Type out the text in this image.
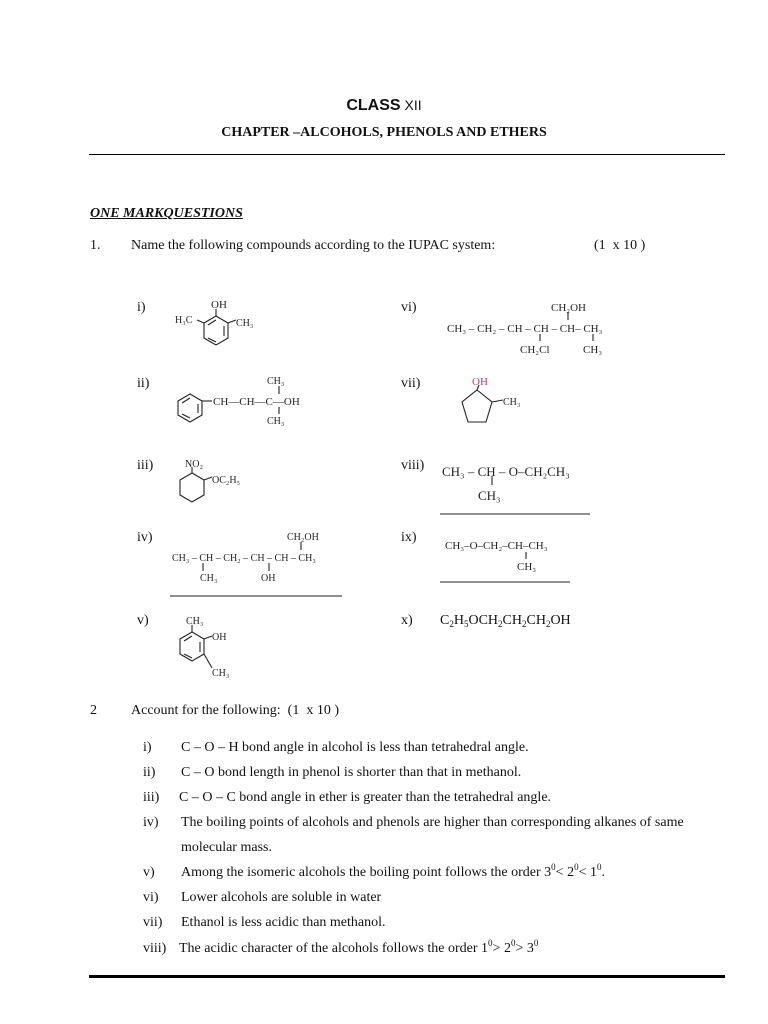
CLASS XII
CHAPTER –ALCOHOLS, PHENOLS AND ETHERS
ONE MARKQUESTIONS
1. Name the following compounds according to the IUPAC system:	(1  x 10 )
i)
ii)
iii)
iv)
v)
vi)
vii)
viii)
ix)
x)
OH
H₃C	CH₃
CH₃
CH—CH—C—OH
CH₃
NO₂
OC₂H₅
CH₂OH
CH₃ – CH – CH₂ – CH – CH – CH₃
CH₃	OH
CH₃
OH
CH₃
CH₂OH
CH₃ – CH₂ – CH – CH – CH– CH₃
CH₂Cl	CH₃
OH
CH₃
CH₃ – CH – O–CH₂CH₃
CH₃
CH₃–O–CH₂–CH–CH₃
CH₃
$C_2H_5OCH_2CH_2CH_2OH$
2 Account for the following:  (1  x 10 )
i) C – O – H bond angle in alcohol is less than tetrahedral angle.
ii) C – O bond length in phenol is shorter than that in methanol.
iii) C – O – C bond angle in ether is greater than the tetrahedral angle.
iv) The boiling points of alcohols and phenols are higher than corresponding alkanes of same
molecular mass.
v) Among the isomeric alcohols the boiling point follows the order $3^0< 2^0< 1^0$.
vi) Lower alcohols are soluble in water
vii) Ethanol is less acidic than methanol.
viii) The acidic character of the alcohols follows the order $1^0> 2^0> 3^0$
